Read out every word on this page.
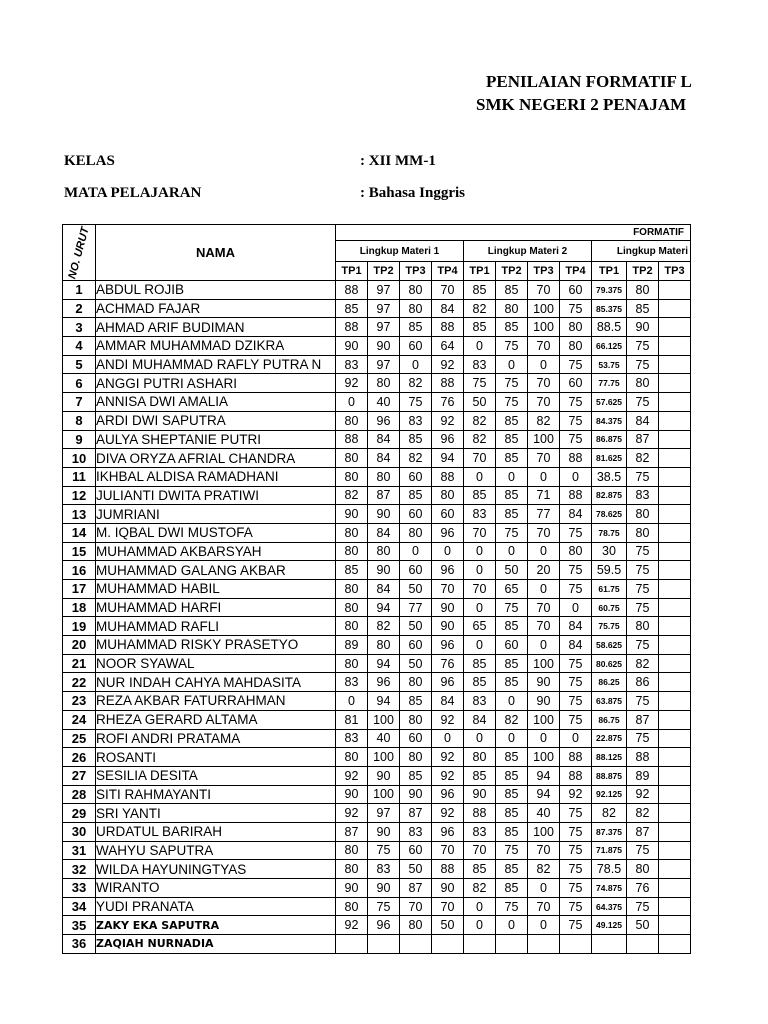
PENILAIAN FORMATIF L
SMK NEGERI 2 PENAJAM
KELAS	: XII MM-1
MATA PELAJARAN	: Bahasa Inggris
NO. URUT	NAMA	FORMATIF										
		Lingkup Materi 1				Lingkup Materi 2				Lingkup Materi		
		TP1	TP2	TP3	TP4	TP1	TP2	TP3	TP4	TP1	TP2	TP3
1	ABDUL ROJIB	88	97	80	70	85	85	70	60	79.375	80	
2	ACHMAD FAJAR	85	97	80	84	82	80	100	75	85.375	85	
3	AHMAD ARIF BUDIMAN	88	97	85	88	85	85	100	80	88.5	90	
4	AMMAR MUHAMMAD DZIKRA	90	90	60	64	0	75	70	80	66.125	75	
5	ANDI MUHAMMAD RAFLY PUTRA N	83	97	0	92	83	0	0	75	53.75	75	
6	ANGGI PUTRI ASHARI	92	80	82	88	75	75	70	60	77.75	80	
7	ANNISA DWI AMALIA	0	40	75	76	50	75	70	75	57.625	75	
8	ARDI DWI SAPUTRA	80	96	83	92	82	85	82	75	84.375	84	
9	AULYA SHEPTANIE PUTRI	88	84	85	96	82	85	100	75	86.875	87	
10	DIVA ORYZA AFRIAL CHANDRA	80	84	82	94	70	85	70	88	81.625	82	
11	IKHBAL ALDISA RAMADHANI	80	80	60	88	0	0	0	0	38.5	75	
12	JULIANTI DWITA PRATIWI	82	87	85	80	85	85	71	88	82.875	83	
13	JUMRIANI	90	90	60	60	83	85	77	84	78.625	80	
14	M. IQBAL DWI MUSTOFA	80	84	80	96	70	75	70	75	78.75	80	
15	MUHAMMAD AKBARSYAH	80	80	0	0	0	0	0	80	30	75	
16	MUHAMMAD GALANG AKBAR	85	90	60	96	0	50	20	75	59.5	75	
17	MUHAMMAD HABIL	80	84	50	70	70	65	0	75	61.75	75	
18	MUHAMMAD HARFI	80	94	77	90	0	75	70	0	60.75	75	
19	MUHAMMAD RAFLI	80	82	50	90	65	85	70	84	75.75	80	
20	MUHAMMAD RISKY PRASETYO	89	80	60	96	0	60	0	84	58.625	75	
21	NOOR SYAWAL	80	94	50	76	85	85	100	75	80.625	82	
22	NUR INDAH CAHYA MAHDASITA	83	96	80	96	85	85	90	75	86.25	86	
23	REZA AKBAR FATURRAHMAN	0	94	85	84	83	0	90	75	63.875	75	
24	RHEZA GERARD ALTAMA	81	100	80	92	84	82	100	75	86.75	87	
25	ROFI ANDRI PRATAMA	83	40	60	0	0	0	0	0	22.875	75	
26	ROSANTI	80	100	80	92	80	85	100	88	88.125	88	
27	SESILIA DESITA	92	90	85	92	85	85	94	88	88.875	89	
28	SITI RAHMAYANTI	90	100	90	96	90	85	94	92	92.125	92	
29	SRI YANTI	92	97	87	92	88	85	40	75	82	82	
30	URDATUL BARIRAH	87	90	83	96	83	85	100	75	87.375	87	
31	WAHYU SAPUTRA	80	75	60	70	70	75	70	75	71.875	75	
32	WILDA HAYUNINGTYAS	80	83	50	88	85	85	82	75	78.5	80	
33	WIRANTO	90	90	87	90	82	85	0	75	74.875	76	
34	YUDI PRANATA	80	75	70	70	0	75	70	75	64.375	75	
35	ZAKY EKA SAPUTRA	92	96	80	50	0	0	0	75	49.125	50	
36	ZAQIAH NURNADIA											
